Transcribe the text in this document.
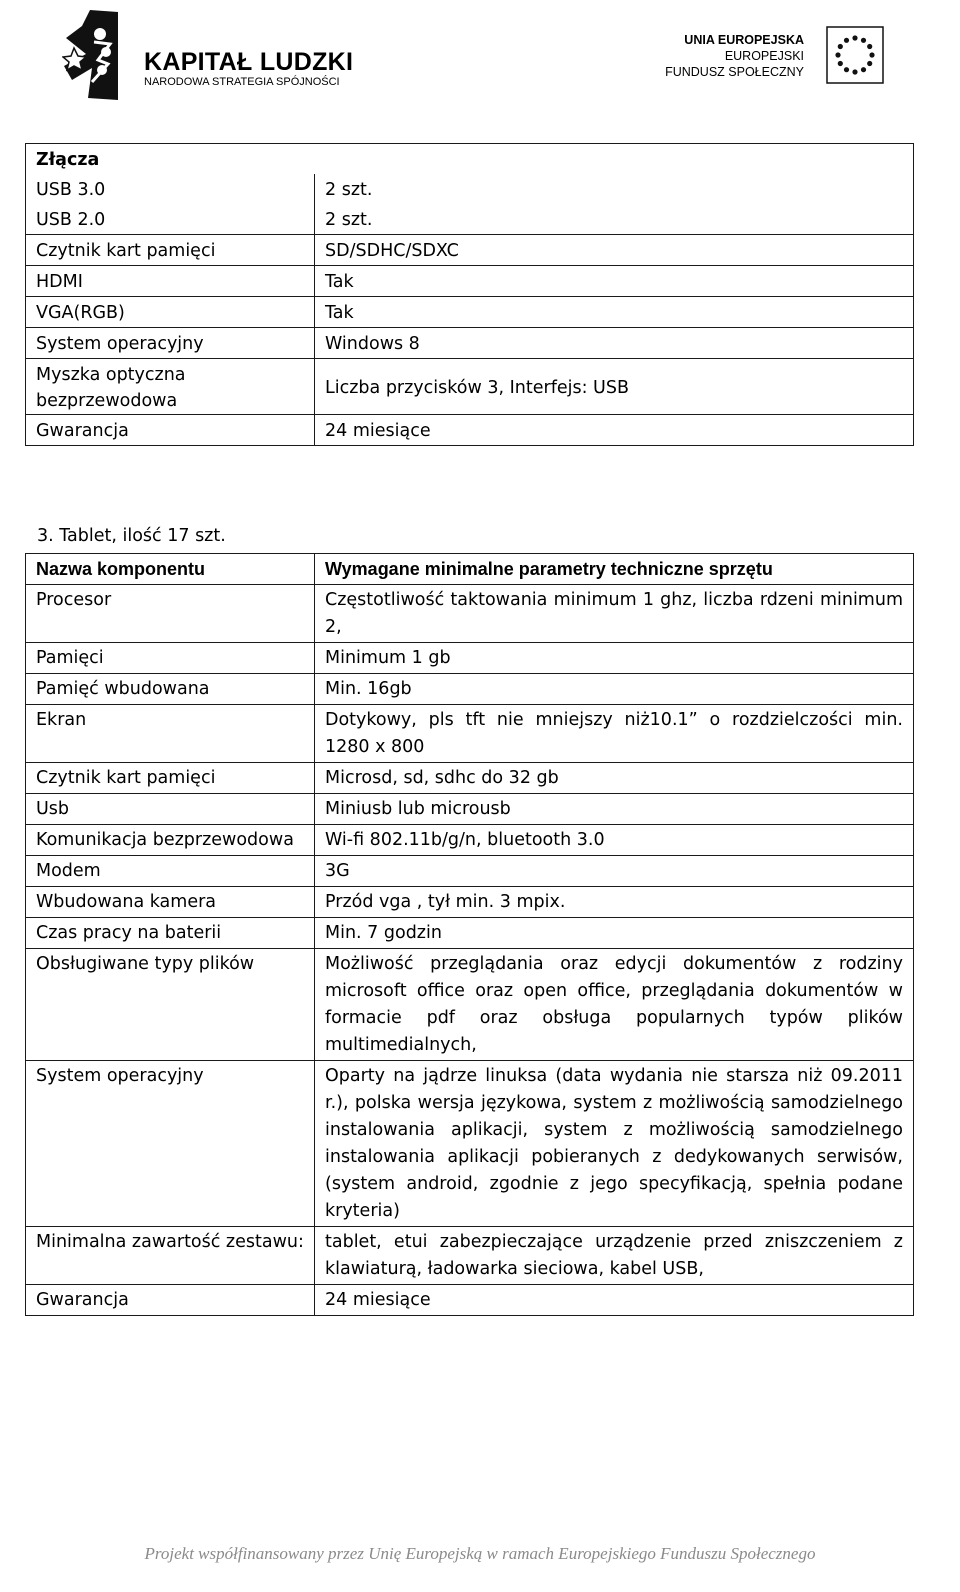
KAPITAŁ LUDZKI
NARODOWA STRATEGIA SPÓJNOŚCI
UNIA EUROPEJSKA
EUROPEJSKI
FUNDUSZ SPOŁECZNY
Złącza	
USB 3.0	2 szt.
USB 2.0	2 szt.
Czytnik kart pamięci	SD/SDHC/SDXC
HDMI	Tak
VGA(RGB)	Tak
System operacyjny	Windows 8
Myszka optyczna bezprzewodowa	Liczba przycisków 3, Interfejs: USB
Gwarancja	24 miesiące
3. Tablet, ilość 17 szt.
Nazwa komponentu	Wymagane minimalne parametry techniczne sprzętu
Procesor	Częstotliwość taktowania minimum 1 ghz, liczba rdzeni minimum 2,
Pamięci	Minimum 1 gb
Pamięć wbudowana	Min. 16gb
Ekran	Dotykowy, pls tft nie mniejszy niż10.1” o rozdzielczości min. 1280 x 800
Czytnik kart pamięci	Microsd, sd, sdhc do 32 gb
Usb	Miniusb lub microusb
Komunikacja bezprzewodowa	Wi-fi 802.11b/g/n, bluetooth 3.0
Modem	3G
Wbudowana kamera	Przód vga , tył min. 3 mpix.
Czas pracy na baterii	Min. 7 godzin
Obsługiwane typy plików	Możliwość przeglądania oraz edycji dokumentów z rodziny microsoft office oraz open office, przeglądania dokumentów w formacie pdf oraz obsługa popularnych typów plików multimedialnych,
System operacyjny	Oparty na jądrze linuksa (data wydania nie starsza niż 09.2011 r.), polska wersja językowa, system z możliwością samodzielnego instalowania aplikacji, system z możliwością samodzielnego instalowania aplikacji pobieranych z dedykowanych serwisów, (system android, zgodnie z jego specyfikacją, spełnia podane kryteria)
Minimalna zawartość zestawu:	tablet, etui zabezpieczające urządzenie przed zniszczeniem z klawiaturą, ładowarka sieciowa, kabel USB,
Gwarancja	24 miesiące
Projekt współfinansowany przez Unię Europejską w ramach Europejskiego Funduszu Społecznego
